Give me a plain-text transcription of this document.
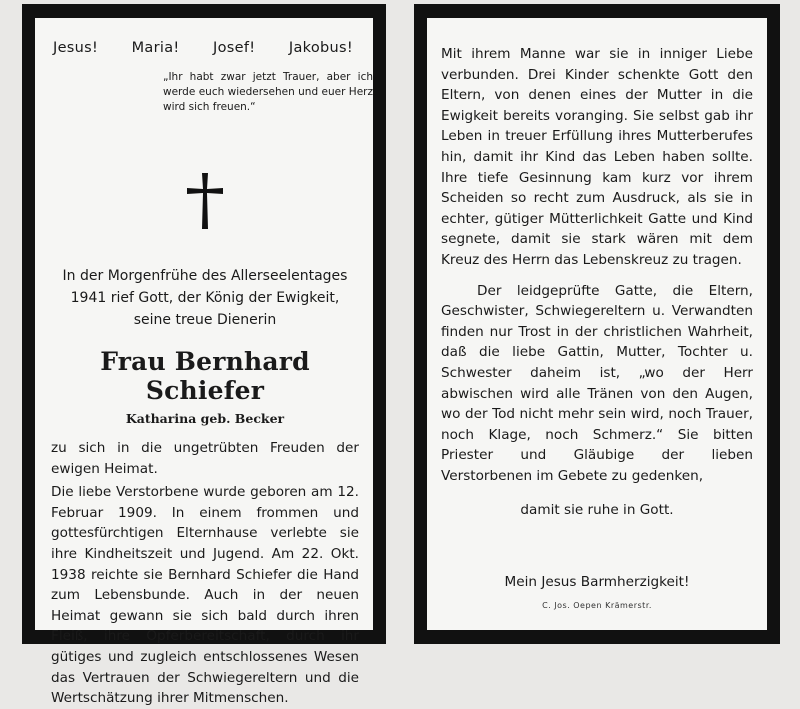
Jesus! Maria! Josef! Jakobus!
„Ihr habt zwar jetzt Trauer, aber ich werde euch wiedersehen und euer Herz wird sich freuen.“
In der Morgenfrühe des Allerseelentages
1941 rief Gott, der König der Ewigkeit,
seine treue Dienerin
Frau Bernhard Schiefer
Katharina geb. Becker

zu sich in die ungetrübten Freuden der ewigen Heimat.

Die liebe Verstorbene wurde geboren am 12. Februar 1909. In einem frommen und gottesfürchtigen Elternhause verlebte sie ihre Kindheitszeit und Jugend. Am 22. Okt. 1938 reichte sie Bernhard Schiefer die Hand zum Lebensbunde. Auch in der neuen Heimat gewann sie sich bald durch ihren Fleiß, ihre Opferbereitschaft, durch ihr gütiges und zugleich entschlossenes Wesen das Vertrauen der Schwiegereltern und die Wertschätzung ihrer Mitmenschen.

Mit ihrem Manne war sie in inniger Liebe verbunden. Drei Kinder schenkte Gott den Eltern, von denen eines der Mutter in die Ewigkeit bereits voranging. Sie selbst gab ihr Leben in treuer Erfüllung ihres Mutterberufes hin, damit ihr Kind das Leben haben sollte. Ihre tiefe Gesinnung kam kurz vor ihrem Scheiden so recht zum Ausdruck, als sie in echter, gütiger Mütterlichkeit Gatte und Kind segnete, damit sie stark wären mit dem Kreuz des Herrn das Lebenskreuz zu tragen.

Der leidgeprüfte Gatte, die Eltern, Geschwister, Schwiegereltern u. Verwandten finden nur Trost in der christlichen Wahrheit, daß die liebe Gattin, Mutter, Tochter u. Schwester daheim ist, „wo der Herr abwischen wird alle Tränen von den Augen, wo der Tod nicht mehr sein wird, noch Trauer, noch Klage, noch Schmerz.“ Sie bitten Priester und Gläubige der lieben Verstorbenen im Gebete zu gedenken,

damit sie ruhe in Gott.
Mein Jesus Barmherzigkeit!
C. Jos. Oepen Krämerstr.
